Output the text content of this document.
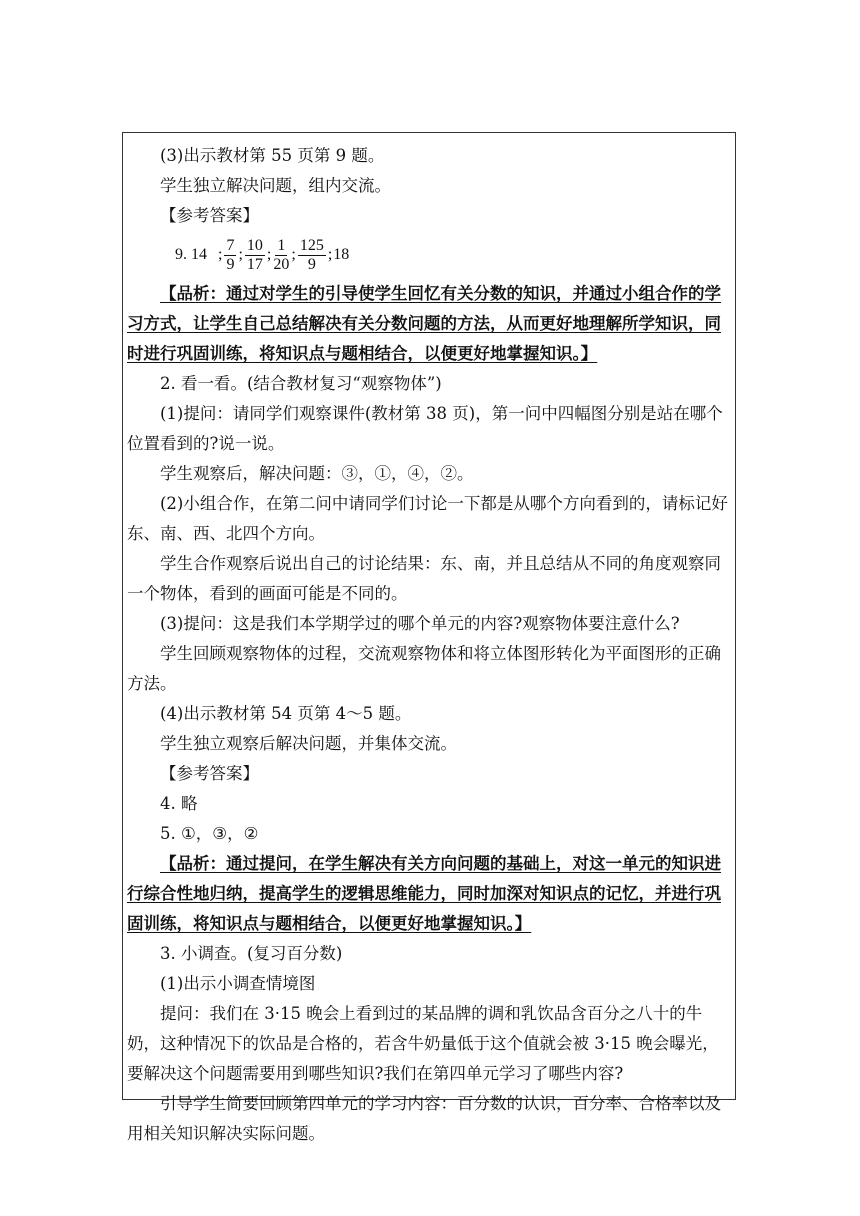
(3)出示教材第 55 页第 9 题。

学生独立解决问题，组内交流。

【参考答案】

9. 14 ; $\frac{7}{9}$ ; $\frac{10}{17}$ ; $\frac{1}{20}$ ; $\frac{125}{9}$ ; 18

【品析：通过对学生的引导使学生回忆有关分数的知识，并通过小组合作的学习方式，让学生自己总结解决有关分数问题的方法，从而更好地理解所学知识，同时进行巩固训练，将知识点与题相结合，以便更好地掌握知识。】

2. 看一看。(结合教材复习“观察物体”)

(1)提问：请同学们观察课件(教材第 38 页)，第一问中四幅图分别是站在哪个位置看到的?说一说。

学生观察后，解决问题：③，①，④，②。

(2)小组合作，在第二问中请同学们讨论一下都是从哪个方向看到的，请标记好东、南、西、北四个方向。

学生合作观察后说出自己的讨论结果：东、南，并且总结从不同的角度观察同一个物体，看到的画面可能是不同的。

(3)提问：这是我们本学期学过的哪个单元的内容?观察物体要注意什么?

学生回顾观察物体的过程，交流观察物体和将立体图形转化为平面图形的正确方法。

(4)出示教材第 54 页第 4～5 题。

学生独立观察后解决问题，并集体交流。

【参考答案】

4. 略

5. ①，③，②

【品析：通过提问，在学生解决有关方向问题的基础上，对这一单元的知识进行综合性地归纳，提高学生的逻辑思维能力，同时加深对知识点的记忆，并进行巩固训练，将知识点与题相结合，以便更好地掌握知识。】

3. 小调查。(复习百分数)

(1)出示小调查情境图

提问：我们在 3·15 晚会上看到过的某品牌的调和乳饮品含百分之八十的牛奶，这种情况下的饮品是合格的，若含牛奶量低于这个值就会被 3·15 晚会曝光，要解决这个问题需要用到哪些知识?我们在第四单元学习了哪些内容?

引导学生简要回顾第四单元的学习内容：百分数的认识，百分率、合格率以及用相关知识解决实际问题。
